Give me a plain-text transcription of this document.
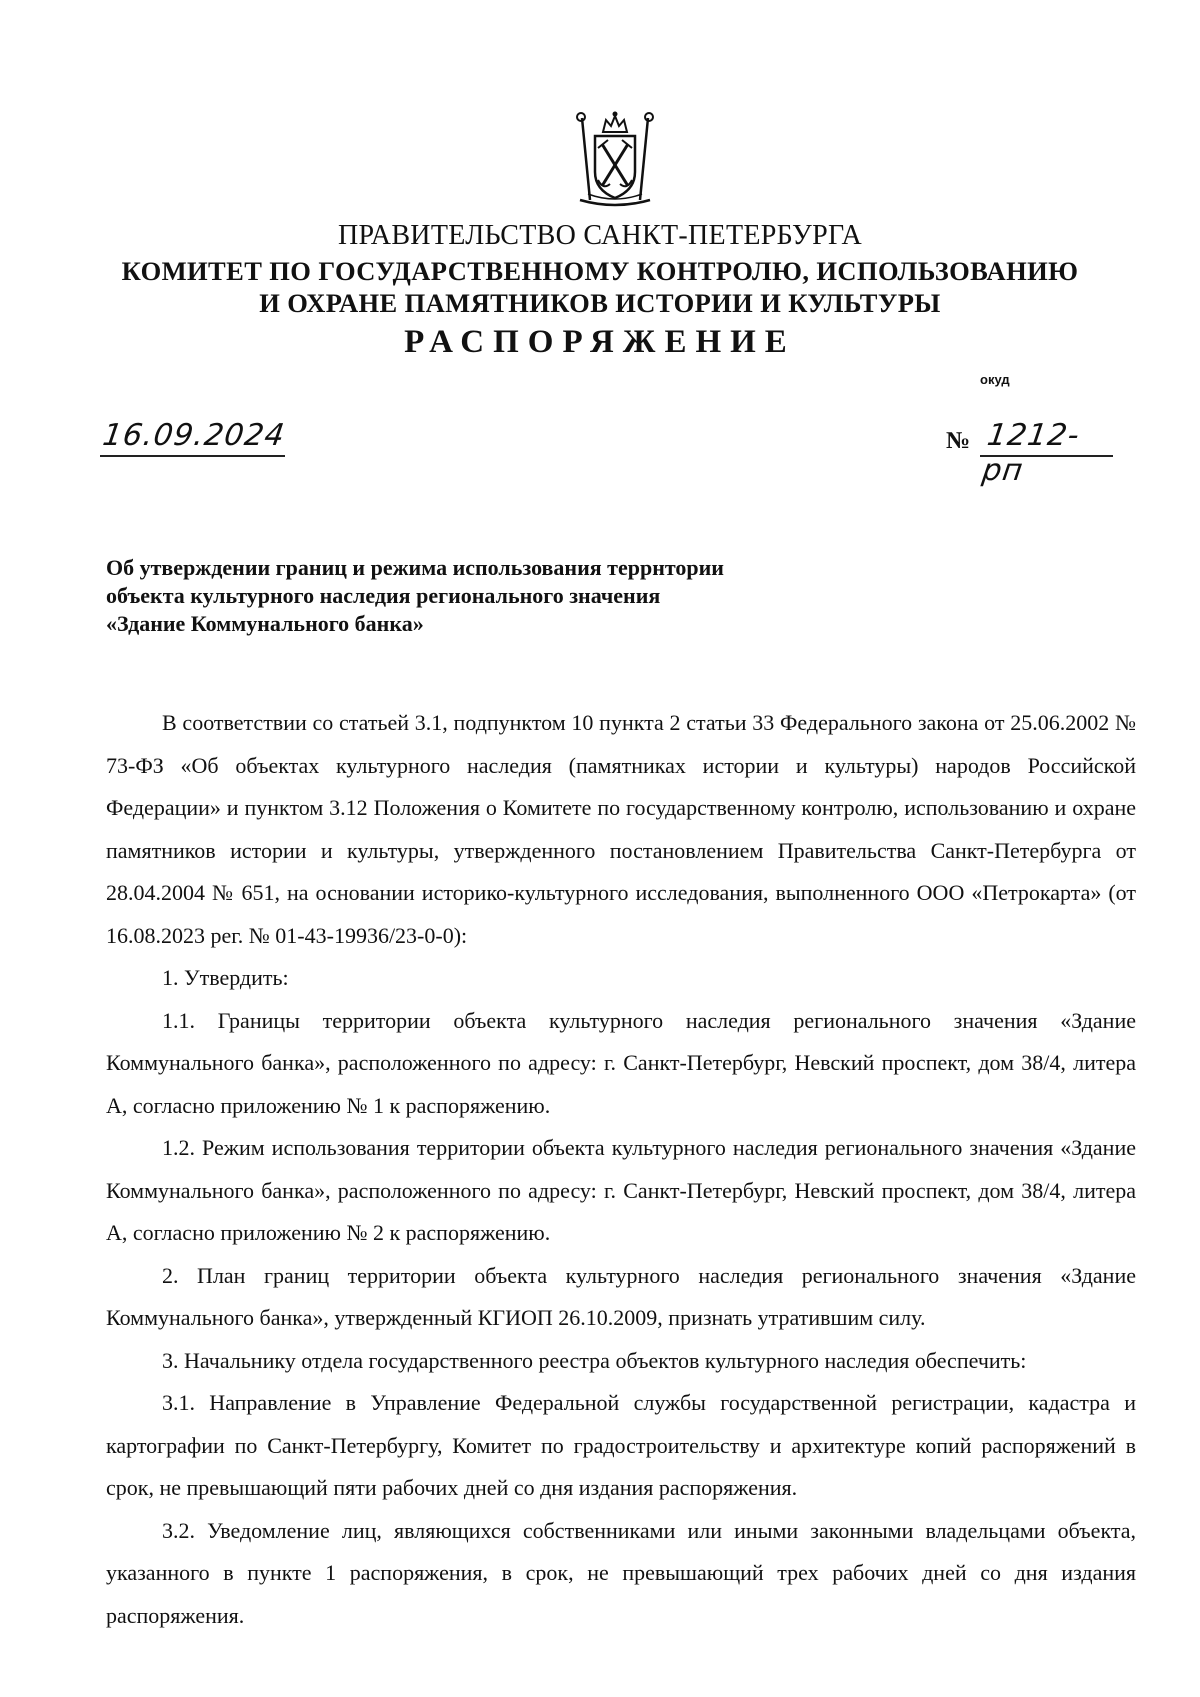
ПРАВИТЕЛЬСТВО САНКТ-ПЕТЕРБУРГА
КОМИТЕТ ПО ГОСУДАРСТВЕННОМУ КОНТРОЛЮ, ИСПОЛЬЗОВАНИЮ
И ОХРАНЕ ПАМЯТНИКОВ ИСТОРИИ И КУЛЬТУРЫ
РАСПОРЯЖЕНИЕ
окуд
16.09.2024	№ 1212-рп
Об утверждении границ и режима использования террнтории
объекта культурного наследия регионального значения
«Здание Коммунального банка»

В соответствии со статьей 3.1, подпунктом 10 пункта 2 статьи 33 Федерального закона от 25.06.2002 № 73-ФЗ «Об объектах культурного наследия (памятниках истории и культуры) народов Российской Федерации» и пунктом 3.12 Положения о Комитете по государственному контролю, использованию и охране памятников истории и культуры, утвержденного постановлением Правительства Санкт-Петербурга от 28.04.2004 № 651, на основании историко-культурного исследования, выполненного ООО «Петрокарта» (от 16.08.2023 рег. № 01-43-19936/23-0-0):

1. Утвердить:

1.1. Границы территории объекта культурного наследия регионального значения «Здание Коммунального банка», расположенного по адресу: г. Санкт-Петербург, Невский проспект, дом 38/4, литера А, согласно приложению № 1 к распоряжению.

1.2. Режим использования территории объекта культурного наследия регионального значения «Здание Коммунального банка», расположенного по адресу: г. Санкт-Петербург, Невский проспект, дом 38/4, литера А, согласно приложению № 2 к распоряжению.

2. План границ территории объекта культурного наследия регионального значения «Здание Коммунального банка», утвержденный КГИОП 26.10.2009, признать утратившим силу.

3. Начальнику отдела государственного реестра объектов культурного наследия обеспечить:

3.1. Направление в Управление Федеральной службы государственной регистрации, кадастра и картографии по Санкт-Петербургу, Комитет по градостроительству и архитектуре копий распоряжений в срок, не превышающий пяти рабочих дней со дня издания распоряжения.

3.2. Уведомление лиц, являющихся собственниками или иными законными владельцами объекта, указанного в пункте 1 распоряжения, в срок, не превышающий трех рабочих дней со дня издания распоряжения.
